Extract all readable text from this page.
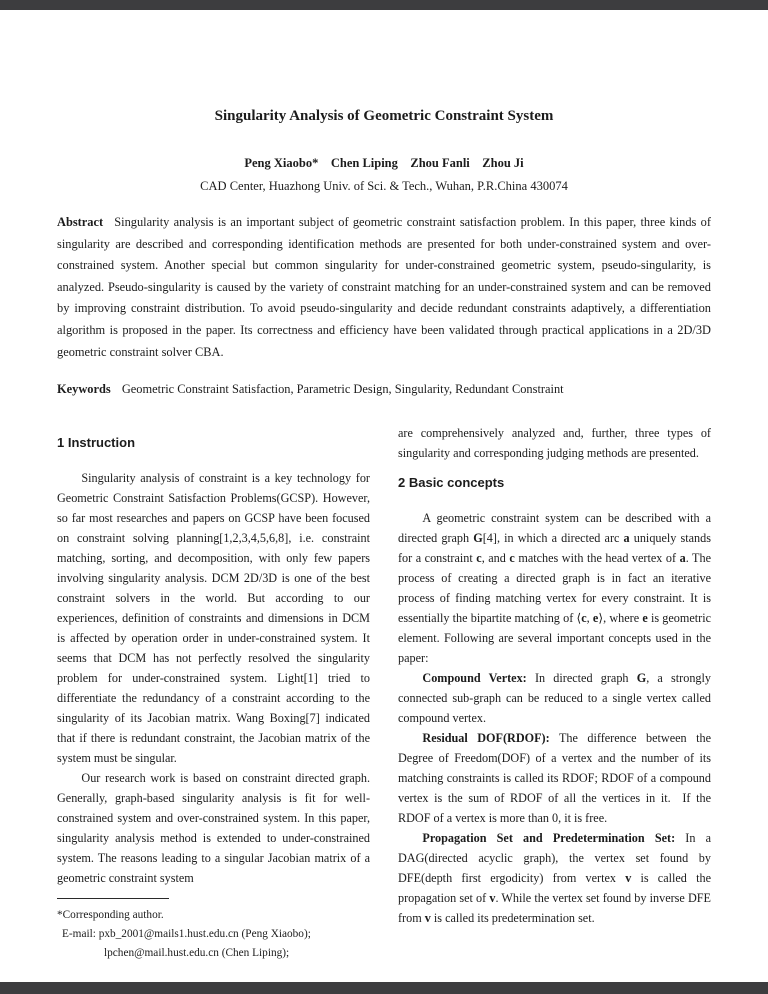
Singularity Analysis of Geometric Constraint System
Peng Xiaobo* Chen Liping Zhou Fanli Zhou Ji
CAD Center, Huazhong Univ. of Sci. & Tech., Wuhan, P.R.China 430074

Abstract Singularity analysis is an important subject of geometric constraint satisfaction problem. In this paper, three kinds of singularity are described and corresponding identification methods are presented for both under-constrained system and over-constrained system. Another special but common singularity for under-constrained geometric system, pseudo-singularity, is analyzed. Pseudo-singularity is caused by the variety of constraint matching for an under-constrained system and can be removed by improving constraint distribution. To avoid pseudo-singularity and decide redundant constraints adaptively, a differentiation algorithm is proposed in the paper. Its correctness and efficiency have been validated through practical applications in a 2D/3D geometric constraint solver CBA.

Keywords Geometric Constraint Satisfaction, Parametric Design, Singularity, Redundant Constraint

1 Instruction

Singularity analysis of constraint is a key technology for Geometric Constraint Satisfaction Problems(GCSP). However, so far most researches and papers on GCSP have been focused on constraint solving planning[1,2,3,4,5,6,8], i.e. constraint matching, sorting, and decomposition, with only few papers involving singularity analysis. DCM 2D/3D is one of the best constraint solvers in the world. But according to our experiences, definition of constraints and dimensions in DCM is affected by operation order in under-constrained system. It seems that DCM has not perfectly resolved the singularity problem for under-constrained system. Light[1] tried to differentiate the redundancy of a constraint according to the singularity of its Jacobian matrix. Wang Boxing[7] indicated that if there is redundant constraint, the Jacobian matrix of the system must be singular.

Our research work is based on constraint directed graph. Generally, graph-based singularity analysis is fit for well-constrained system and over-constrained system. In this paper, singularity analysis method is extended to under-constrained system. The reasons leading to a singular Jacobian matrix of a geometric constraint system

*Corresponding author.

E-mail: pxb_2001@mails1.hust.edu.cn (Peng Xiaobo);

lpchen@mail.hust.edu.cn (Chen Liping);

are comprehensively analyzed and, further, three types of singularity and corresponding judging methods are presented.

2 Basic concepts

A geometric constraint system can be described with a directed graph G[4], in which a directed arc a uniquely stands for a constraint c, and c matches with the head vertex of a. The process of creating a directed graph is in fact an iterative process of finding matching vertex for every constraint. It is essentially the bipartite matching of ⟨c, e⟩, where e is geometric element. Following are several important concepts used in the paper:

Compound Vertex: In directed graph G, a strongly connected sub-graph can be reduced to a single vertex called compound vertex.

Residual DOF(RDOF): The difference between the Degree of Freedom(DOF) of a vertex and the number of its matching constraints is called its RDOF; RDOF of a compound vertex is the sum of RDOF of all the vertices in it.  If the RDOF of a vertex is more than 0, it is free.

Propagation Set and Predetermination Set: In a DAG(directed acyclic graph), the vertex set found by DFE(depth first ergodicity) from vertex v is called the propagation set of v. While the vertex set found by inverse DFE from v is called its predetermination set.
